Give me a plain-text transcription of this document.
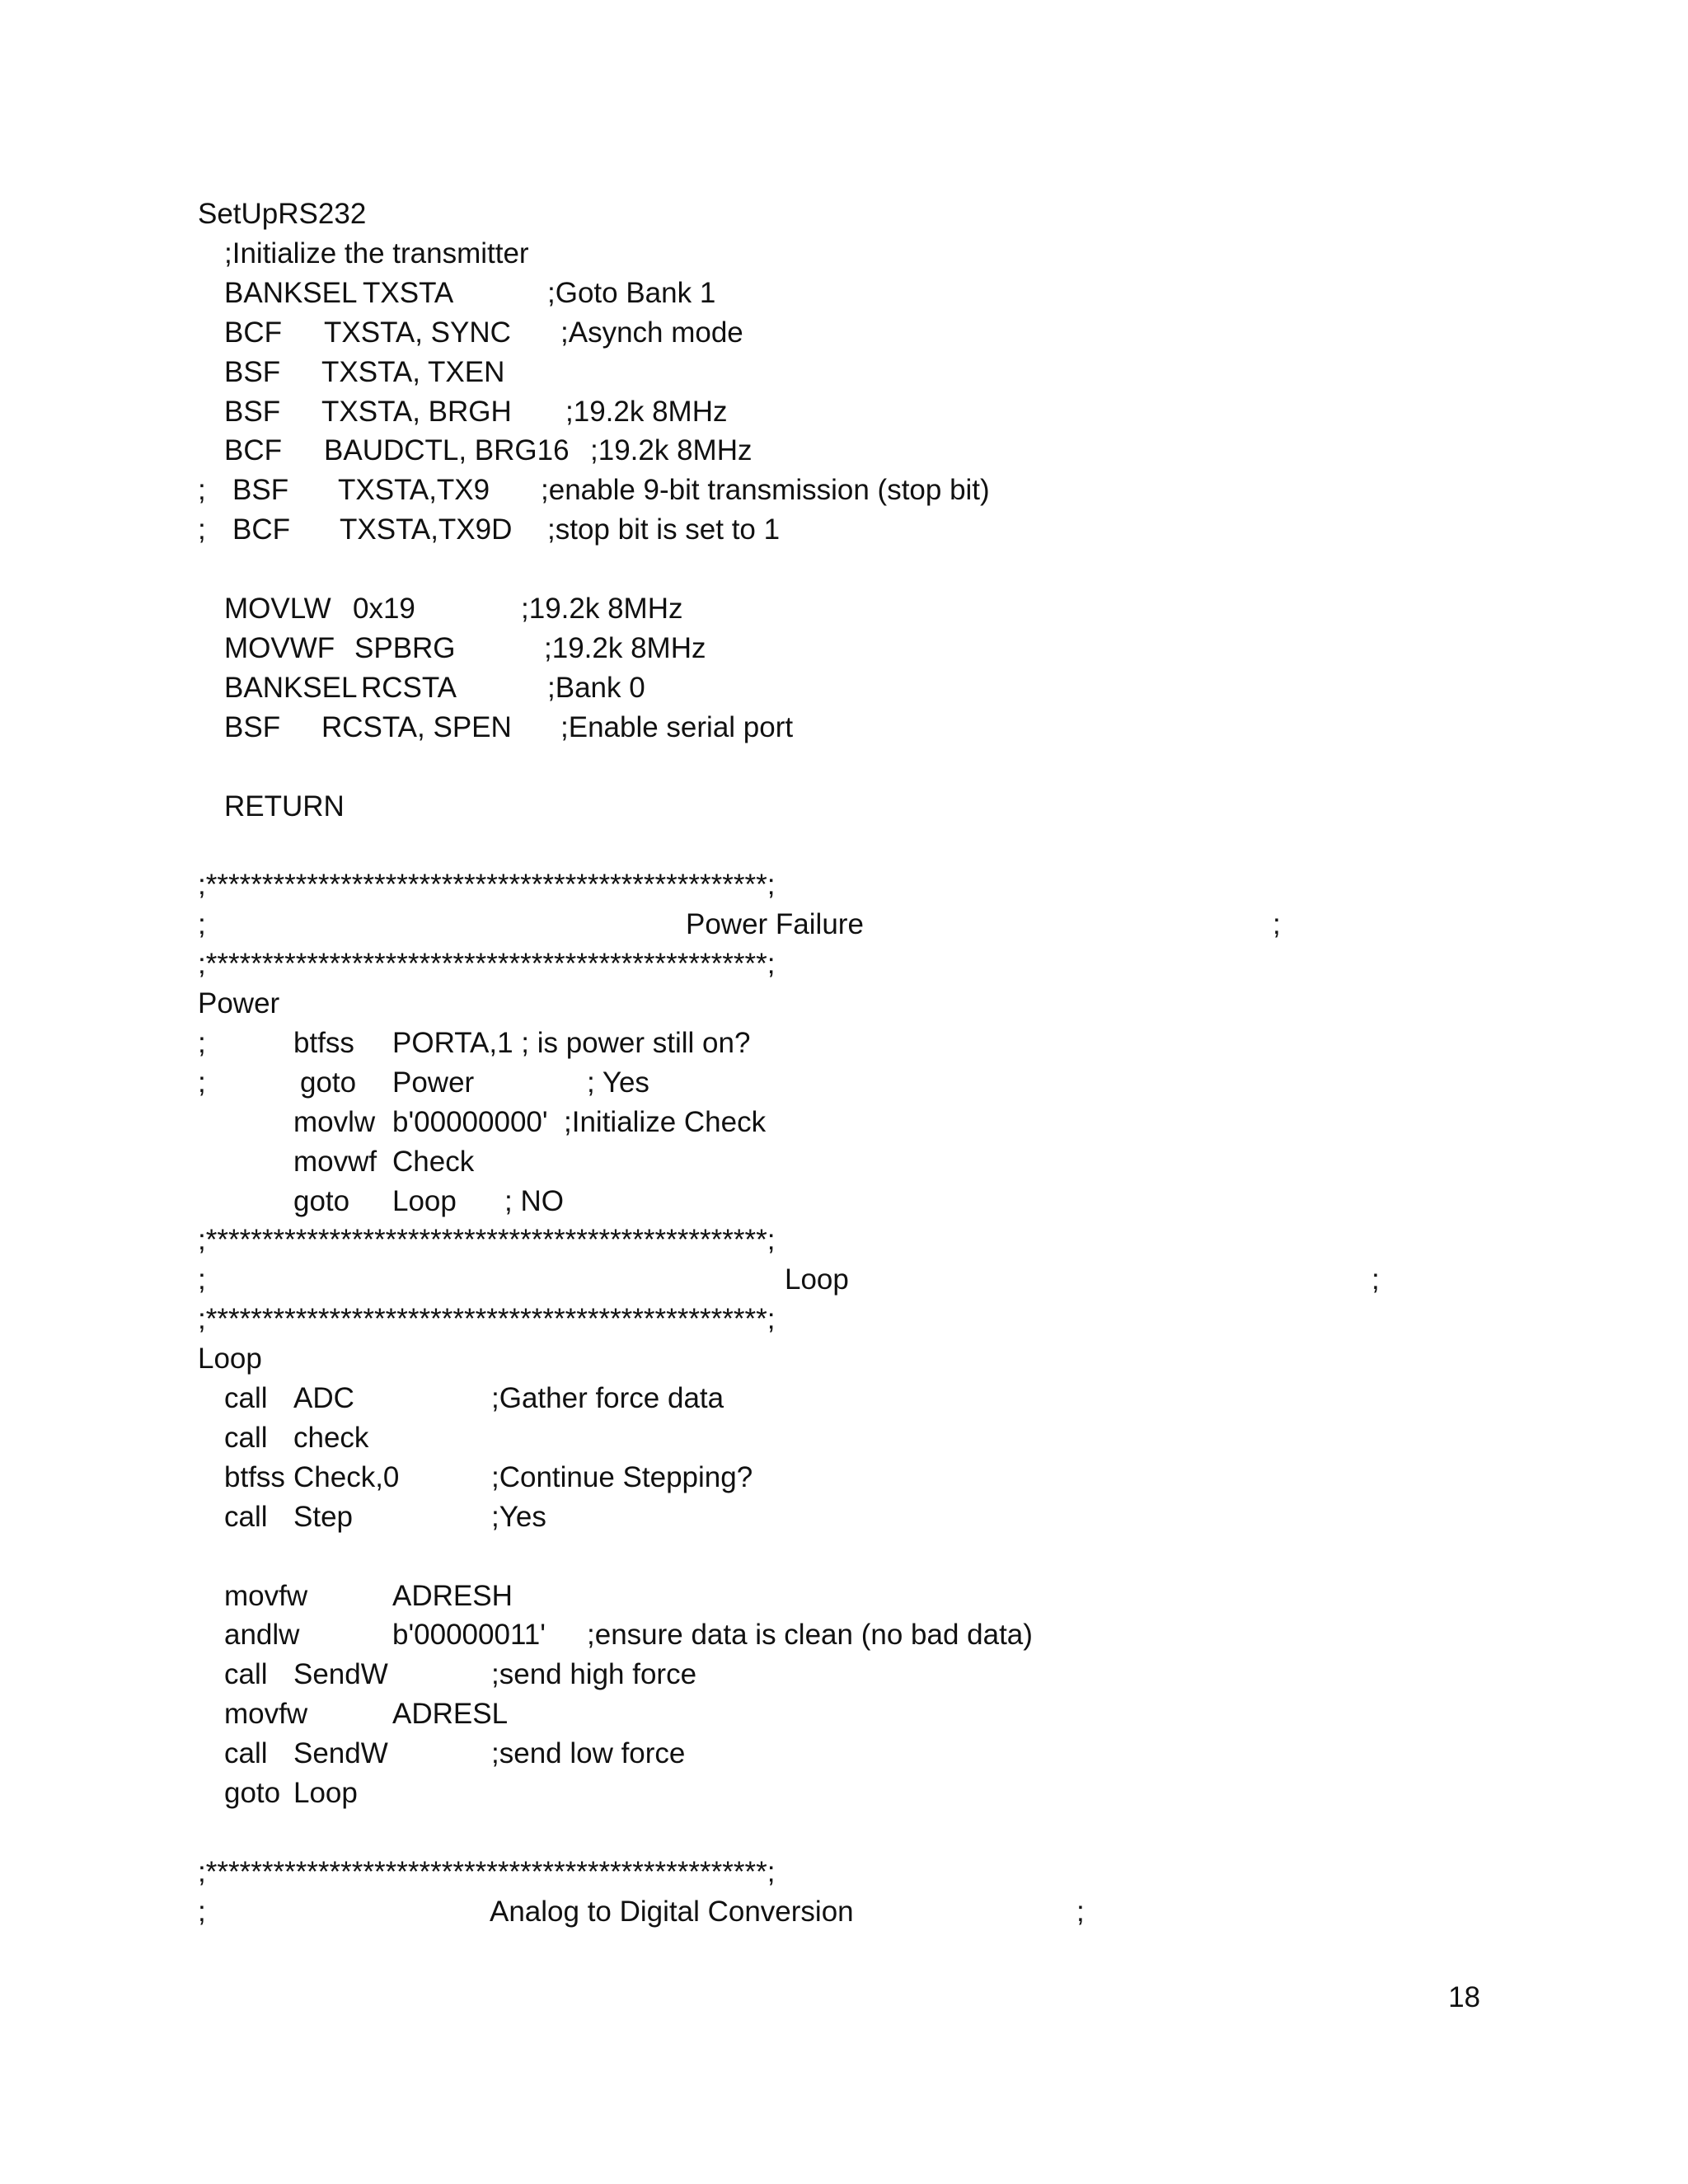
SetUpRS232
;Initialize the transmitter
BANKSEL TXSTA	;Goto Bank 1
BCF TXSTA, SYNC ;Asynch mode
BSF TXSTA, TXEN
BSF TXSTA, BRGH ;19.2k 8MHz
BCF BAUDCTL, BRG16 ;19.2k 8MHz
; BSF TXSTA,TX9 ;enable 9-bit transmission (stop bit)
; BCF TXSTA,TX9D ;stop bit is set to 1
MOVLW 0x19	;19.2k 8MHz
MOVWF SPBRG	;19.2k 8MHz
BANKSEL RCSTA	;Bank 0
BSF RCSTA, SPEN ;Enable serial port
RETURN
;**************************************************;
;	Power Failure	;
;**************************************************;
Power
;	btfss PORTA,1 ; is power still on?
;	goto Power	; Yes
movlw b'00000000'  ;Initialize Check
movwf Check
goto Loop ; NO
;**************************************************;
;	Loop	;
;**************************************************;
Loop
call ADC	;Gather force data
call check
btfss Check,0	;Continue Stepping?
call Step	;Yes
movfw	ADRESH
andlw	b'00000011' ;ensure data is clean (no bad data)
call SendW	;send high force
movfw	ADRESL
call SendW	;send low force
goto Loop
;**************************************************;
;	Analog to Digital Conversion	;
18
